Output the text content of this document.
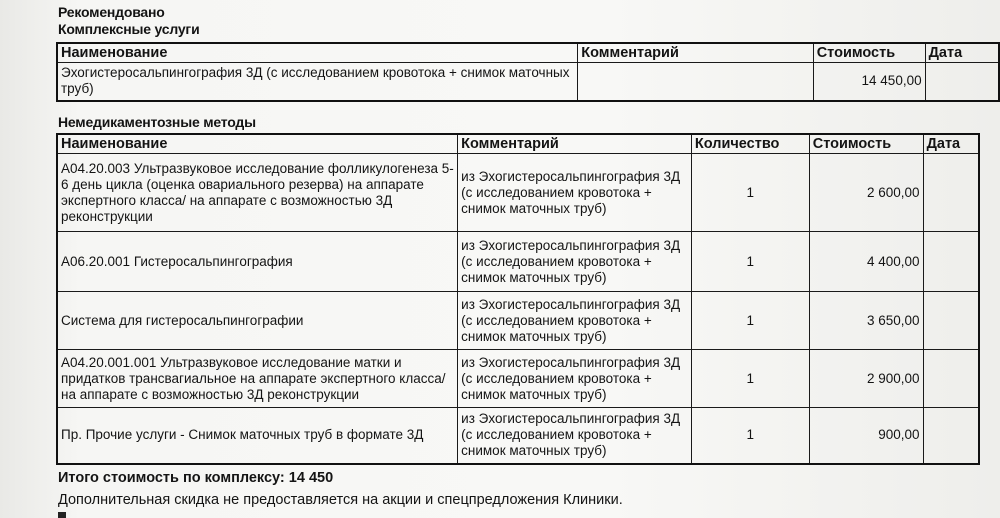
Рекомендовано
Комплексные услуги
Наименование	Комментарий	Стоимость	Дата
Эхогистеросальпингография 3Д (с исследованием кровотока + снимок маточных труб)		14 450,00	
Немедикаментозные методы
Наименование	Комментарий	Количество	Стоимость	Дата
A04.20.003 Ультразвуковое исследование фолликулогенеза 5-6 день цикла (оценка овариального резерва) на аппарате экспертного класса/ на аппарате с возможностью 3Д реконструкции	из Эхогистеросальпингография 3Д (с исследованием кровотока + снимок маточных труб)	1	2 600,00	
A06.20.001 Гистеросальпингография	из Эхогистеросальпингография 3Д (с исследованием кровотока + снимок маточных труб)	1	4 400,00	
Система для гистеросальпингографии	из Эхогистеросальпингография 3Д (с исследованием кровотока + снимок маточных труб)	1	3 650,00	
A04.20.001.001 Ультразвуковое исследование матки и придатков трансвагиальное на аппарате экспертного класса/ на аппарате с возможностью 3Д реконструкции	из Эхогистеросальпингография 3Д (с исследованием кровотока + снимок маточных труб)	1	2 900,00	
Пр. Прочие услуги - Снимок маточных труб в формате 3Д	из Эхогистеросальпингография 3Д (с исследованием кровотока + снимок маточных труб)	1	900,00	
Итого стоимость по комплексу: 14 450
Дополнительная скидка не предоставляется на акции и спецпредложения Клиники.
